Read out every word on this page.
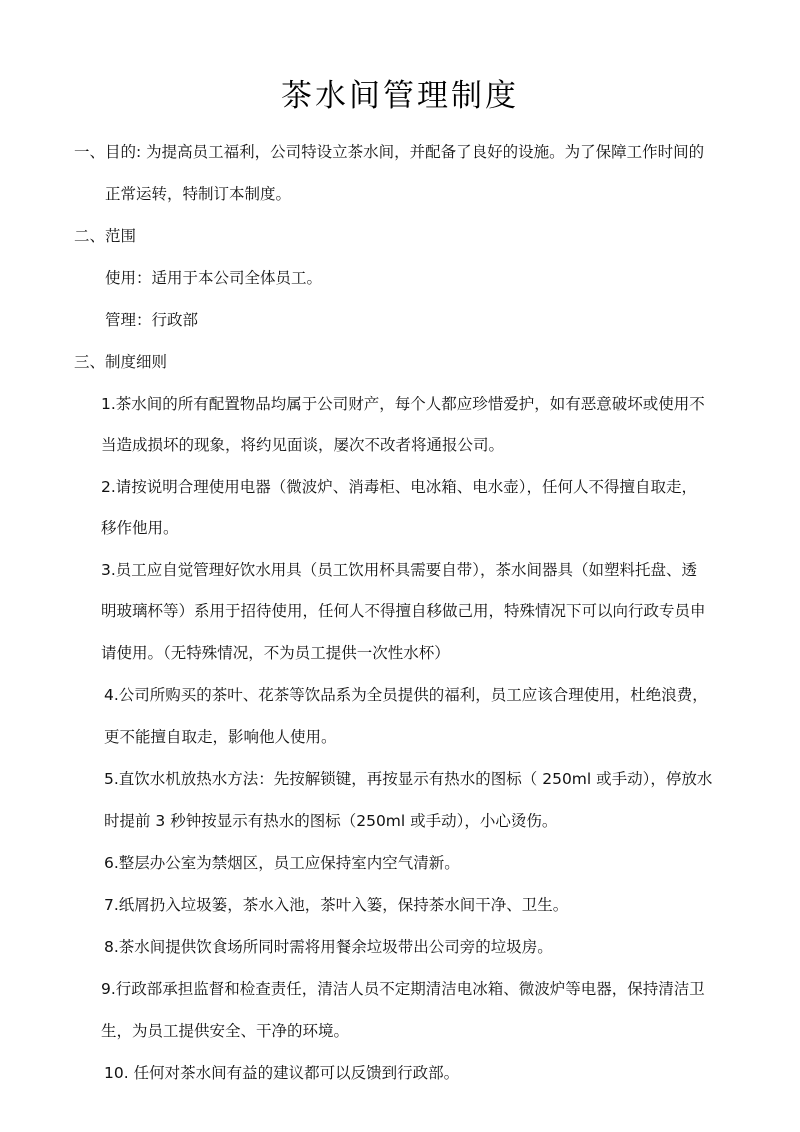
茶水间管理制度
一、目的: 为提高员工福利，公司特设立茶水间，并配备了良好的设施。为了保障工作时间的
正常运转，特制订本制度。
二、范围
使用：适用于本公司全体员工。
管理：行政部
三、制度细则
1.茶水间的所有配置物品均属于公司财产，每个人都应珍惜爱护，如有恶意破坏或使用不
当造成损坏的现象，将约见面谈，屡次不改者将通报公司。
2.请按说明合理使用电器（微波炉、消毒柜、电冰箱、电水壶），任何人不得擅自取走，
移作他用。
3.员工应自觉管理好饮水用具（员工饮用杯具需要自带），茶水间器具（如塑料托盘、透
明玻璃杯等）系用于招待使用，任何人不得擅自移做己用，特殊情况下可以向行政专员申
请使用。（无特殊情况，不为员工提供一次性水杯）
4.公司所购买的茶叶、花茶等饮品系为全员提供的福利，员工应该合理使用，杜绝浪费，
更不能擅自取走，影响他人使用。
5.直饮水机放热水方法：先按解锁键，再按显示有热水的图标（ 250ml 或手动），停放水
时提前 3 秒钟按显示有热水的图标（250ml 或手动），小心烫伤。
6.整层办公室为禁烟区，员工应保持室内空气清新。
7.纸屑扔入垃圾篓，茶水入池，茶叶入篓，保持茶水间干净、卫生。
8.茶水间提供饮食场所同时需将用餐余垃圾带出公司旁的垃圾房。
9.行政部承担监督和检查责任，清洁人员不定期清洁电冰箱、微波炉等电器，保持清洁卫
生，为员工提供安全、干净的环境。
10. 任何对茶水间有益的建议都可以反馈到行政部。
